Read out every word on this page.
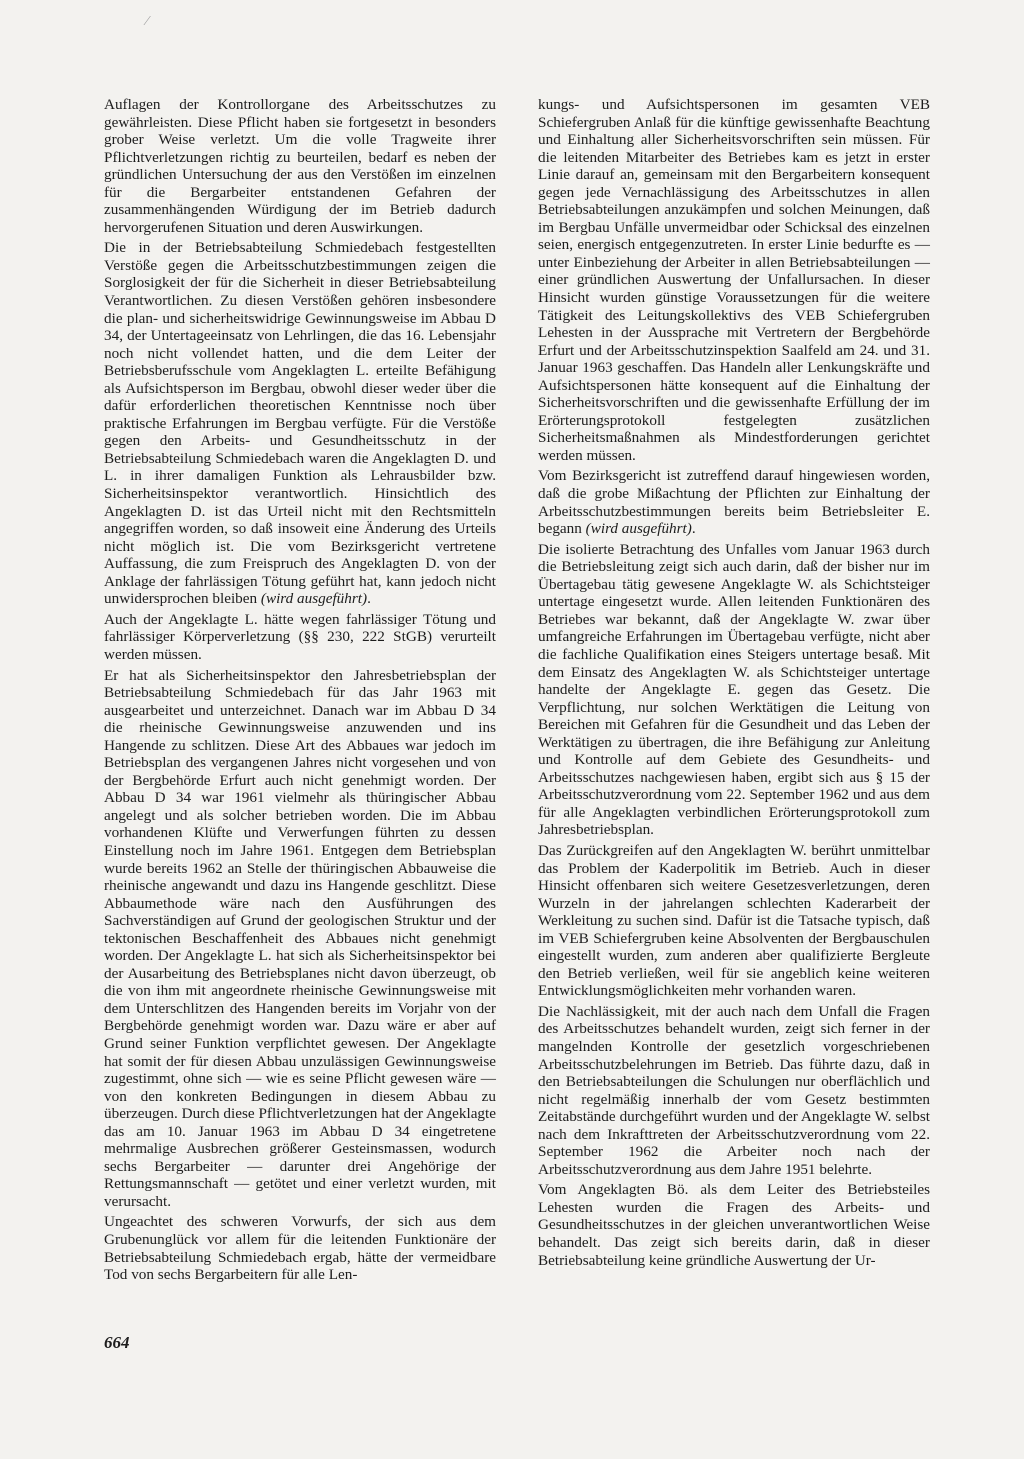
⁄

Auflagen der Kontrollorgane des Arbeitsschutzes zu gewährleisten. Diese Pflicht haben sie fortgesetzt in besonders grober Weise verletzt. Um die volle Tragweite ihrer Pflichtverletzungen richtig zu beurteilen, bedarf es neben der gründlichen Untersuchung der aus den Verstößen im einzelnen für die Bergarbeiter entstandenen Gefahren der zusammenhängenden Würdigung der im Betrieb dadurch hervorgerufenen Situation und deren Auswirkungen.

Die in der Betriebsabteilung Schmiedebach festgestellten Verstöße gegen die Arbeitsschutzbestimmungen zeigen die Sorglosigkeit der für die Sicherheit in dieser Betriebsabteilung Verantwortlichen. Zu diesen Verstößen gehören insbesondere die plan- und sicherheitswidrige Gewinnungsweise im Abbau D 34, der Untertageeinsatz von Lehrlingen, die das 16. Lebensjahr noch nicht vollendet hatten, und die dem Leiter der Betriebsberufsschule vom Angeklagten L. erteilte Befähigung als Aufsichtsperson im Bergbau, obwohl dieser weder über die dafür erforderlichen theoretischen Kenntnisse noch über praktische Erfahrungen im Bergbau verfügte. Für die Verstöße gegen den Arbeits- und Gesundheitsschutz in der Betriebsabteilung Schmiedebach waren die Angeklagten D. und L. in ihrer damaligen Funktion als Lehrausbilder bzw. Sicherheitsinspektor verantwortlich. Hinsichtlich des Angeklagten D. ist das Urteil nicht mit den Rechtsmitteln angegriffen worden, so daß insoweit eine Änderung des Urteils nicht möglich ist. Die vom Bezirksgericht vertretene Auffassung, die zum Freispruch des Angeklagten D. von der Anklage der fahrlässigen Tötung geführt hat, kann jedoch nicht unwidersprochen bleiben (wird ausgeführt).

Auch der Angeklagte L. hätte wegen fahrlässiger Tötung und fahrlässiger Körperverletzung (§§ 230, 222 StGB) verurteilt werden müssen.

Er hat als Sicherheitsinspektor den Jahresbetriebsplan der Betriebsabteilung Schmiedebach für das Jahr 1963 mit ausgearbeitet und unterzeichnet. Danach war im Abbau D 34 die rheinische Gewinnungsweise anzuwenden und ins Hangende zu schlitzen. Diese Art des Abbaues war jedoch im Betriebsplan des vergangenen Jahres nicht vorgesehen und von der Bergbehörde Erfurt auch nicht genehmigt worden. Der Abbau D 34 war 1961 vielmehr als thüringischer Abbau angelegt und als solcher betrieben worden. Die im Abbau vorhandenen Klüfte und Verwerfungen führten zu dessen Einstellung noch im Jahre 1961. Entgegen dem Betriebsplan wurde bereits 1962 an Stelle der thüringischen Abbauweise die rheinische angewandt und dazu ins Hangende geschlitzt. Diese Abbaumethode wäre nach den Ausführungen des Sachverständigen auf Grund der geologischen Struktur und der tektonischen Beschaffenheit des Abbaues nicht genehmigt worden. Der Angeklagte L. hat sich als Sicherheitsinspektor bei der Ausarbeitung des Betriebsplanes nicht davon überzeugt, ob die von ihm mit angeordnete rheinische Gewinnungsweise mit dem Unterschlitzen des Hangenden bereits im Vorjahr von der Bergbehörde genehmigt worden war. Dazu wäre er aber auf Grund seiner Funktion verpflichtet gewesen. Der Angeklagte hat somit der für diesen Abbau unzulässigen Gewinnungsweise zugestimmt, ohne sich — wie es seine Pflicht gewesen wäre — von den konkreten Bedingungen in diesem Abbau zu überzeugen. Durch diese Pflichtverletzungen hat der Angeklagte das am 10. Januar 1963 im Abbau D 34 eingetretene mehrmalige Ausbrechen größerer Gesteinsmassen, wodurch sechs Bergarbeiter — darunter drei Angehörige der Rettungsmannschaft — getötet und einer verletzt wurden, mit verursacht.

Ungeachtet des schweren Vorwurfs, der sich aus dem Grubenunglück vor allem für die leitenden Funktionäre der Betriebsabteilung Schmiedebach ergab, hätte der vermeidbare Tod von sechs Bergarbeitern für alle Len-

kungs- und Aufsichtspersonen im gesamten VEB Schiefergruben Anlaß für die künftige gewissenhafte Beachtung und Einhaltung aller Sicherheitsvorschriften sein müssen. Für die leitenden Mitarbeiter des Betriebes kam es jetzt in erster Linie darauf an, gemeinsam mit den Bergarbeitern konsequent gegen jede Vernachlässigung des Arbeitsschutzes in allen Betriebsabteilungen anzukämpfen und solchen Meinungen, daß im Bergbau Unfälle unvermeidbar oder Schicksal des einzelnen seien, energisch entgegenzutreten. In erster Linie bedurfte es — unter Einbeziehung der Arbeiter in allen Betriebsabteilungen — einer gründlichen Auswertung der Unfallursachen. In dieser Hinsicht wurden günstige Voraussetzungen für die weitere Tätigkeit des Leitungskollektivs des VEB Schiefergruben Lehesten in der Aussprache mit Vertretern der Bergbehörde Erfurt und der Arbeitsschutzinspektion Saalfeld am 24. und 31. Januar 1963 geschaffen. Das Handeln aller Lenkungskräfte und Aufsichtspersonen hätte konsequent auf die Einhaltung der Sicherheitsvorschriften und die gewissenhafte Erfüllung der im Erörterungsprotokoll festgelegten zusätzlichen Sicherheitsmaßnahmen als Mindestforderungen gerichtet werden müssen.

Vom Bezirksgericht ist zutreffend darauf hingewiesen worden, daß die grobe Mißachtung der Pflichten zur Einhaltung der Arbeitsschutzbestimmungen bereits beim Betriebsleiter E. begann (wird ausgeführt).

Die isolierte Betrachtung des Unfalles vom Januar 1963 durch die Betriebsleitung zeigt sich auch darin, daß der bisher nur im Übertagebau tätig gewesene Angeklagte W. als Schichtsteiger untertage eingesetzt wurde. Allen leitenden Funktionären des Betriebes war bekannt, daß der Angeklagte W. zwar über umfangreiche Erfahrungen im Übertagebau verfügte, nicht aber die fachliche Qualifikation eines Steigers untertage besaß. Mit dem Einsatz des Angeklagten W. als Schichtsteiger untertage handelte der Angeklagte E. gegen das Gesetz. Die Verpflichtung, nur solchen Werktätigen die Leitung von Bereichen mit Gefahren für die Gesundheit und das Leben der Werktätigen zu übertragen, die ihre Befähigung zur Anleitung und Kontrolle auf dem Gebiete des Gesundheits- und Arbeitsschutzes nachgewiesen haben, ergibt sich aus § 15 der Arbeitsschutzverordnung vom 22. September 1962 und aus dem für alle Angeklagten verbindlichen Erörterungsprotokoll zum Jahresbetriebsplan.

Das Zurückgreifen auf den Angeklagten W. berührt unmittelbar das Problem der Kaderpolitik im Betrieb. Auch in dieser Hinsicht offenbaren sich weitere Gesetzesverletzungen, deren Wurzeln in der jahrelangen schlechten Kaderarbeit der Werkleitung zu suchen sind. Dafür ist die Tatsache typisch, daß im VEB Schiefergruben keine Absolventen der Bergbauschulen eingestellt wurden, zum anderen aber qualifizierte Bergleute den Betrieb verließen, weil für sie angeblich keine weiteren Entwicklungsmöglichkeiten mehr vorhanden waren.

Die Nachlässigkeit, mit der auch nach dem Unfall die Fragen des Arbeitsschutzes behandelt wurden, zeigt sich ferner in der mangelnden Kontrolle der gesetzlich vorgeschriebenen Arbeitsschutzbelehrungen im Betrieb. Das führte dazu, daß in den Betriebsabteilungen die Schulungen nur oberflächlich und nicht regelmäßig innerhalb der vom Gesetz bestimmten Zeitabstände durchgeführt wurden und der Angeklagte W. selbst nach dem Inkrafttreten der Arbeitsschutzverordnung vom 22. September 1962 die Arbeiter noch nach der Arbeitsschutzverordnung aus dem Jahre 1951 belehrte.

Vom Angeklagten Bö. als dem Leiter des Betriebsteiles Lehesten wurden die Fragen des Arbeits- und Gesundheitsschutzes in der gleichen unverantwortlichen Weise behandelt. Das zeigt sich bereits darin, daß in dieser Betriebsabteilung keine gründliche Auswertung der Ur-

664
